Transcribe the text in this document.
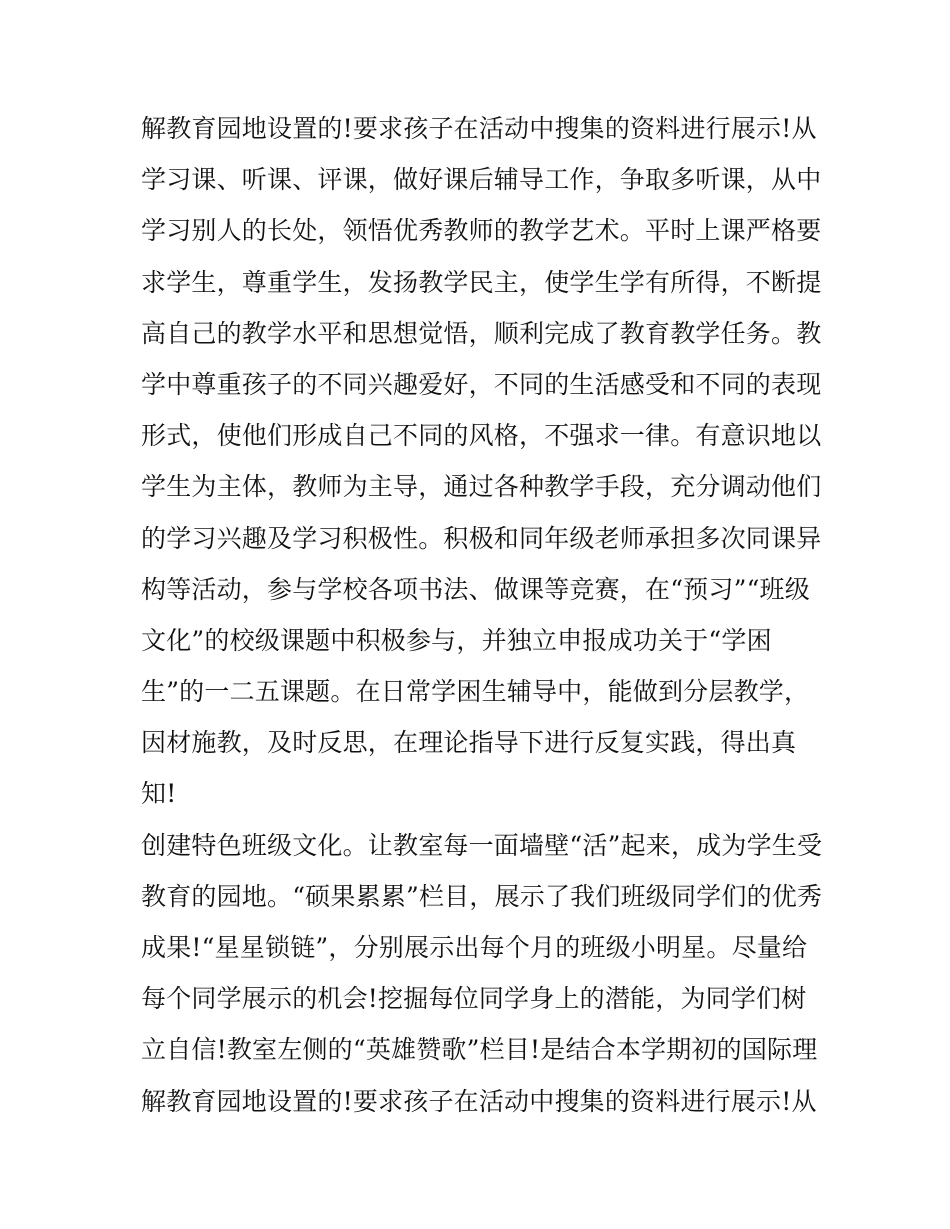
解教育园地设置的!要求孩子在活动中搜集的资料进行展示!从
学习课、听课、评课，做好课后辅导工作，争取多听课，从中
学习别人的长处，领悟优秀教师的教学艺术。平时上课严格要
求学生，尊重学生，发扬教学民主，使学生学有所得，不断提
高自己的教学水平和思想觉悟，顺利完成了教育教学任务。教
学中尊重孩子的不同兴趣爱好，不同的生活感受和不同的表现
形式，使他们形成自己不同的风格，不强求一律。有意识地以
学生为主体，教师为主导，通过各种教学手段，充分调动他们
的学习兴趣及学习积极性。积极和同年级老师承担多次同课异
构等活动，参与学校各项书法、做课等竞赛，在“预习”“班级
文化”的校级课题中积极参与，并独立申报成功关于“学困
生”的一二五课题。在日常学困生辅导中，能做到分层教学，
因材施教，及时反思，在理论指导下进行反复实践，得出真
知!
创建特色班级文化。让教室每一面墙壁“活”起来，成为学生受
教育的园地。“硕果累累”栏目，展示了我们班级同学们的优秀
成果!“星星锁链”，分别展示出每个月的班级小明星。尽量给
每个同学展示的机会!挖掘每位同学身上的潜能，为同学们树
立自信!教室左侧的“英雄赞歌”栏目!是结合本学期初的国际理
解教育园地设置的!要求孩子在活动中搜集的资料进行展示!从
